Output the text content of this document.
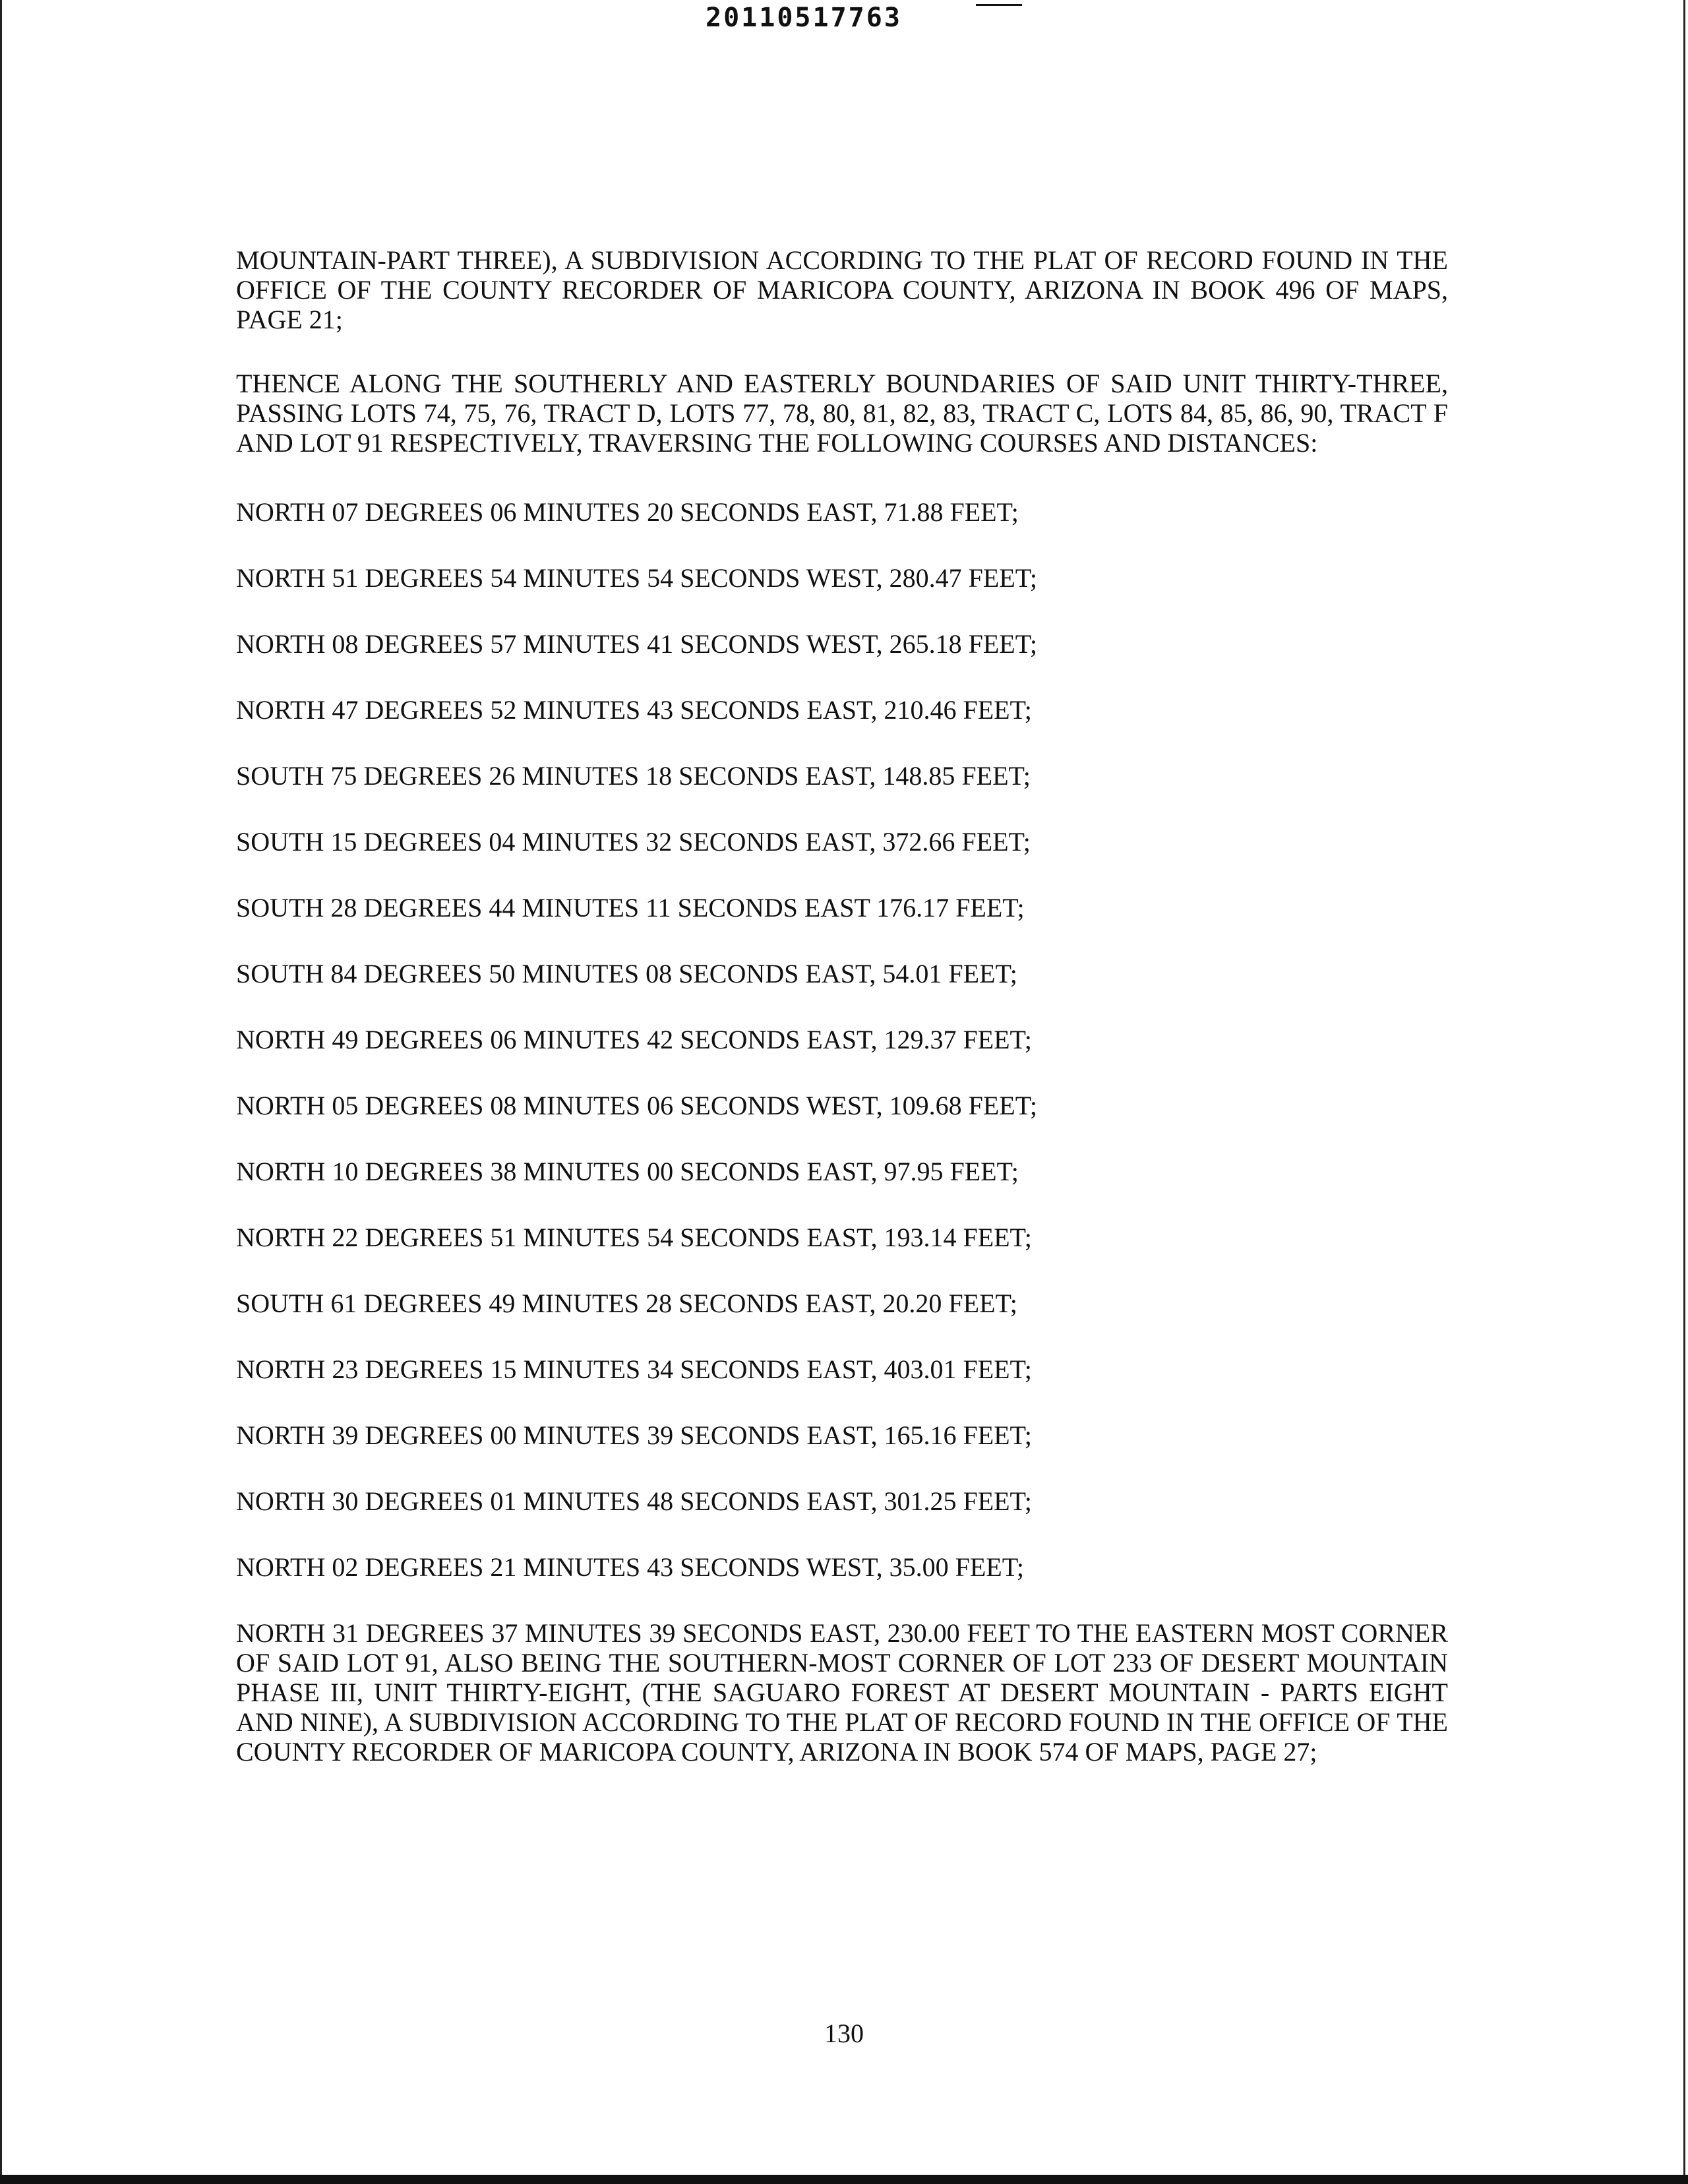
20110517763

MOUNTAIN-PART THREE), A SUBDIVISION ACCORDING TO THE PLAT OF RECORD FOUND IN THE OFFICE OF THE COUNTY RECORDER OF MARICOPA COUNTY, ARIZONA IN BOOK 496 OF MAPS, PAGE 21;

THENCE ALONG THE SOUTHERLY AND EASTERLY BOUNDARIES OF SAID UNIT THIRTY-THREE, PASSING LOTS 74, 75, 76, TRACT D, LOTS 77, 78, 80, 81, 82, 83, TRACT C, LOTS 84, 85, 86, 90, TRACT F AND LOT 91 RESPECTIVELY, TRAVERSING THE FOLLOWING COURSES AND DISTANCES:

NORTH 07 DEGREES 06 MINUTES 20 SECONDS EAST, 71.88 FEET;

NORTH 51 DEGREES 54 MINUTES 54 SECONDS WEST, 280.47 FEET;

NORTH 08 DEGREES 57 MINUTES 41 SECONDS WEST, 265.18 FEET;

NORTH 47 DEGREES 52 MINUTES 43 SECONDS EAST, 210.46 FEET;

SOUTH 75 DEGREES 26 MINUTES 18 SECONDS EAST, 148.85 FEET;

SOUTH 15 DEGREES 04 MINUTES 32 SECONDS EAST, 372.66 FEET;

SOUTH 28 DEGREES 44 MINUTES 11 SECONDS EAST 176.17 FEET;

SOUTH 84 DEGREES 50 MINUTES 08 SECONDS EAST, 54.01 FEET;

NORTH 49 DEGREES 06 MINUTES 42 SECONDS EAST, 129.37 FEET;

NORTH 05 DEGREES 08 MINUTES 06 SECONDS WEST, 109.68 FEET;

NORTH 10 DEGREES 38 MINUTES 00 SECONDS EAST, 97.95 FEET;

NORTH 22 DEGREES 51 MINUTES 54 SECONDS EAST, 193.14 FEET;

SOUTH 61 DEGREES 49 MINUTES 28 SECONDS EAST, 20.20 FEET;

NORTH 23 DEGREES 15 MINUTES 34 SECONDS EAST, 403.01 FEET;

NORTH 39 DEGREES 00 MINUTES 39 SECONDS EAST, 165.16 FEET;

NORTH 30 DEGREES 01 MINUTES 48 SECONDS EAST, 301.25 FEET;

NORTH 02 DEGREES 21 MINUTES 43 SECONDS WEST, 35.00 FEET;

NORTH 31 DEGREES 37 MINUTES 39 SECONDS EAST, 230.00 FEET TO THE EASTERN MOST CORNER OF SAID LOT 91, ALSO BEING THE SOUTHERN-MOST CORNER OF LOT 233 OF DESERT MOUNTAIN PHASE III, UNIT THIRTY-EIGHT, (THE SAGUARO FOREST AT DESERT MOUNTAIN - PARTS EIGHT AND NINE), A SUBDIVISION ACCORDING TO THE PLAT OF RECORD FOUND IN THE OFFICE OF THE COUNTY RECORDER OF MARICOPA COUNTY, ARIZONA IN BOOK 574 OF MAPS, PAGE 27;

130
